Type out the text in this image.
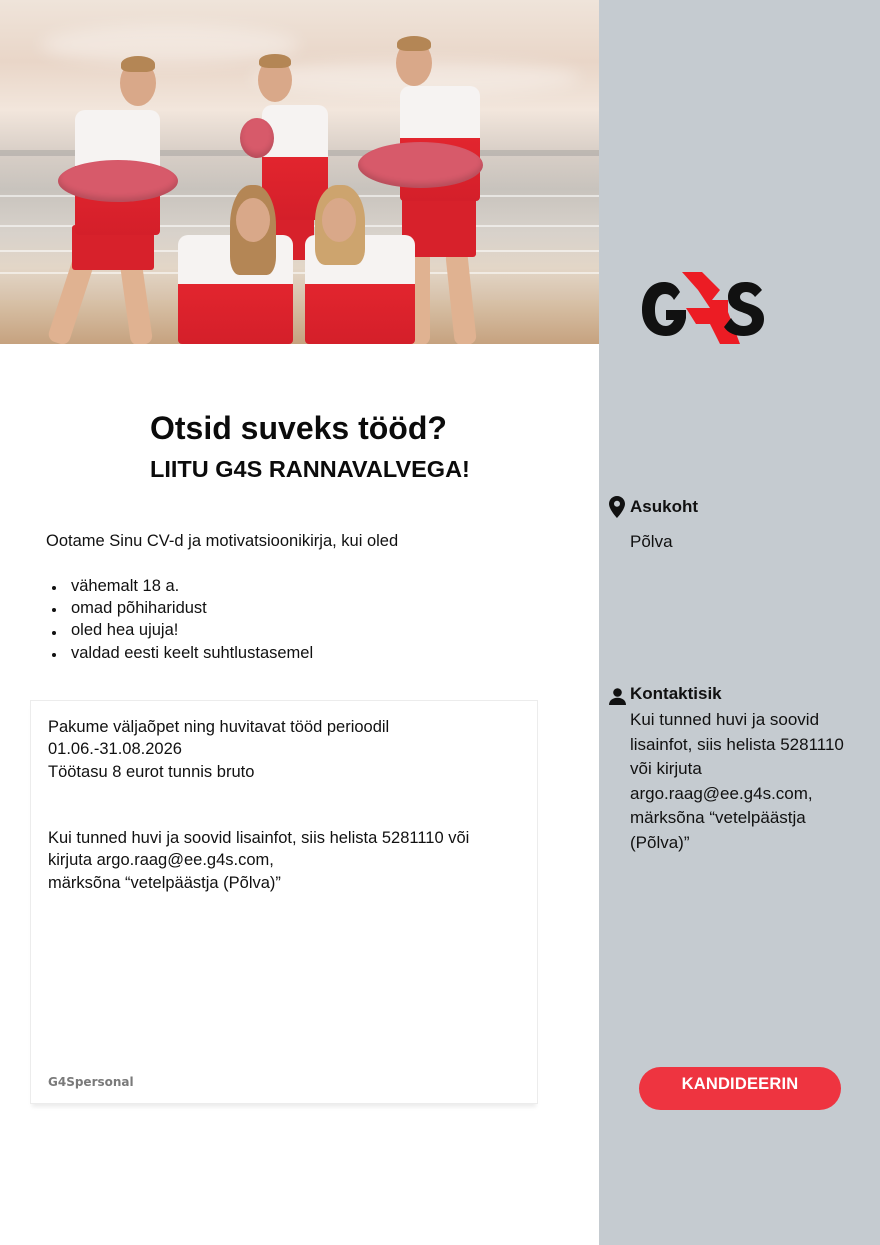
Otsid suveks tööd?
LIITU G4S RANNAVALVEGA!

Ootame Sinu CV-d ja motivatsioonikirja, kui oled

vähemalt 18 a.
omad põhiharidust
oled hea ujuja!
valdad eesti keelt suhtlustasemel
Pakume väljaõpet ning huvitavat tööd perioodil
01.06.-31.08.2026
Töötasu 8 eurot tunnis bruto
Kui tunned huvi ja soovid lisainfot, siis helista 5281110 või
kirjuta argo.raag@ee.g4s.com,
märksõna “vetelpäästja (Põlva)”
G4Spersonal
Asukoht
Põlva
Kontaktisik
Kui tunned huvi ja soovid
lisainfot, siis helista 5281110
või kirjuta
argo.raag@ee.g4s.com,
märksõna “vetelpäästja
(Põlva)”
KANDIDEERIN
